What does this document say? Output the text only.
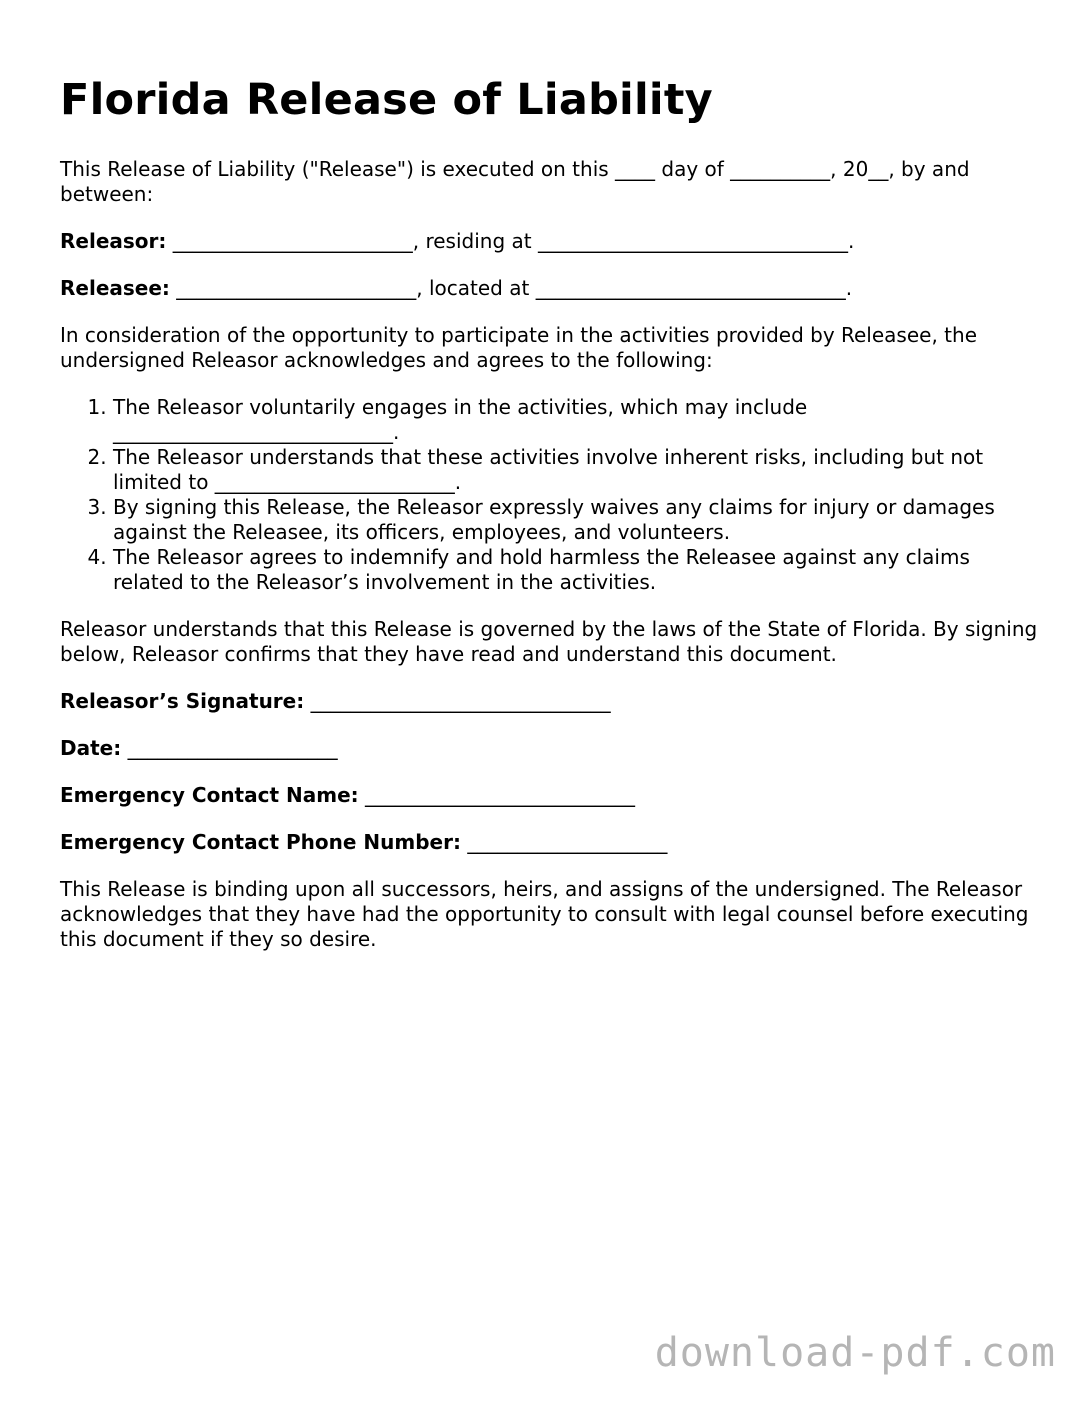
Florida Release of Liability

This Release of Liability ("Release") is executed on this ____ day of __________, 20__, by and between:

Releasor: ________________________, residing at _______________________________.

Releasee: ________________________, located at _______________________________.

In consideration of the opportunity to participate in the activities provided by Releasee, the undersigned Releasor acknowledges and agrees to the following:

1. The Releasor voluntarily engages in the activities, which may include ____________________________.
2. The Releasor understands that these activities involve inherent risks, including but not limited to ________________________.
3. By signing this Release, the Releasor expressly waives any claims for injury or damages against the Releasee, its officers, employees, and volunteers.
4. The Releasor agrees to indemnify and hold harmless the Releasee against any claims related to the Releasor’s involvement in the activities.

Releasor understands that this Release is governed by the laws of the State of Florida. By signing below, Releasor confirms that they have read and understand this document.

Releasor’s Signature: ______________________________

Date: _____________________

Emergency Contact Name: ___________________________

Emergency Contact Phone Number: ____________________

This Release is binding upon all successors, heirs, and assigns of the undersigned. The Releasor acknowledges that they have had the opportunity to consult with legal counsel before executing this document if they so desire.

download-pdf.com
